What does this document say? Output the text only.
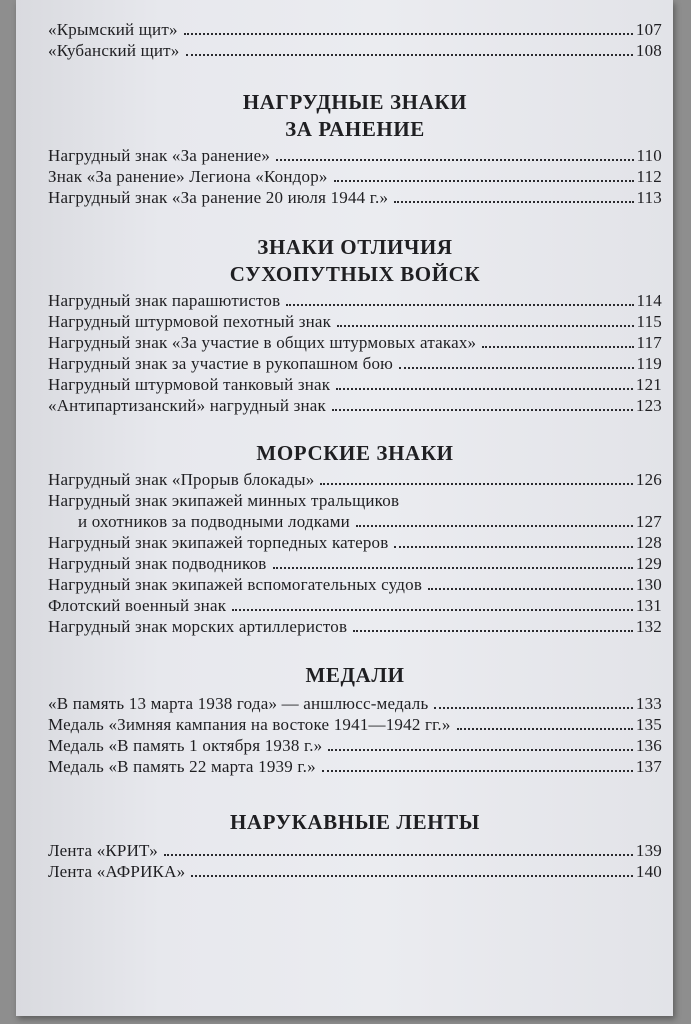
«Крымский щит»	107
«Кубанский щит»	108
НАГРУДНЫЕ ЗНАКИ
ЗА РАНЕНИЕ
Нагрудный знак «За ранение»	110
Знак «За ранение» Легиона «Кондор»	112
Нагрудный знак «За ранение 20 июля 1944 г.»	113
ЗНАКИ ОТЛИЧИЯ
СУХОПУТНЫХ ВОЙСК
Нагрудный знак парашютистов	114
Нагрудный штурмовой пехотный знак	115
Нагрудный знак «За участие в общих штурмовых атаках»	117
Нагрудный знак за участие в рукопашном бою	119
Нагрудный штурмовой танковый знак	121
«Антипартизанский» нагрудный знак	123
МОРСКИЕ ЗНАКИ
Нагрудный знак «Прорыв блокады»	126
Нагрудный знак экипажей минных тральщиков
и охотников за подводными лодками	127
Нагрудный знак экипажей торпедных катеров	128
Нагрудный знак подводников	129
Нагрудный знак экипажей вспомогательных судов	130
Флотский военный знак	131
Нагрудный знак морских артиллеристов	132
МЕДАЛИ
«В память 13 марта 1938 года» — аншлюсс-медаль	133
Медаль «Зимняя кампания на востоке 1941—1942 гг.»	135
Медаль «В память 1 октября 1938 г.»	136
Медаль «В память 22 марта 1939 г.»	137
НАРУКАВНЫЕ ЛЕНТЫ
Лента «КРИТ»	139
Лента «АФРИКА»	140
